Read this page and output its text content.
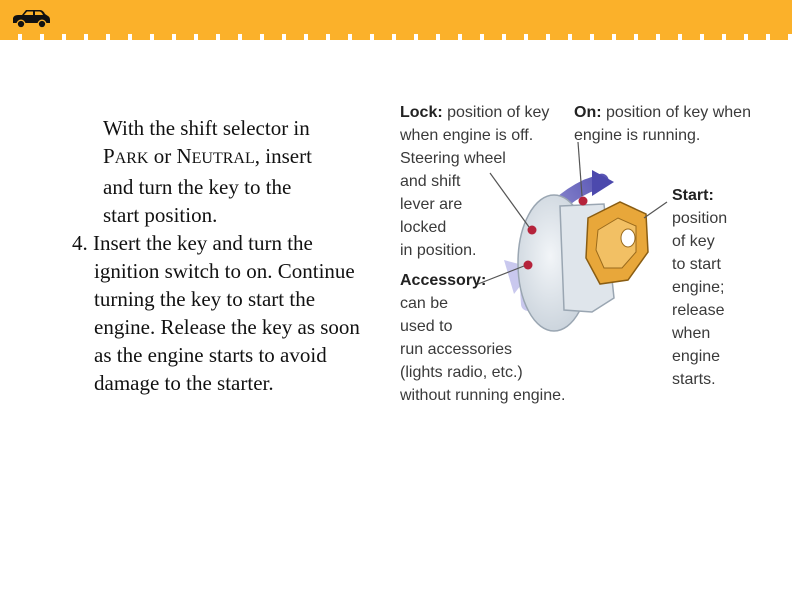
With the shift selector in

PARK or NEUTRAL, insert

and turn the key to the

start position.

4. Insert the key and turn the ignition switch to on. Continue turning the key to start the engine. Release the key as soon as the engine starts to avoid damage to the starter.

Lock: position of key
when engine is off.
Steering wheel
and shift
lever are
locked
in position.
On: position of key when
engine is running.
Start:
position
of key
to start
engine;
release
when
engine
starts.
Accessory:
can be
used to
run accessories
(lights radio, etc.)
without running engine.
